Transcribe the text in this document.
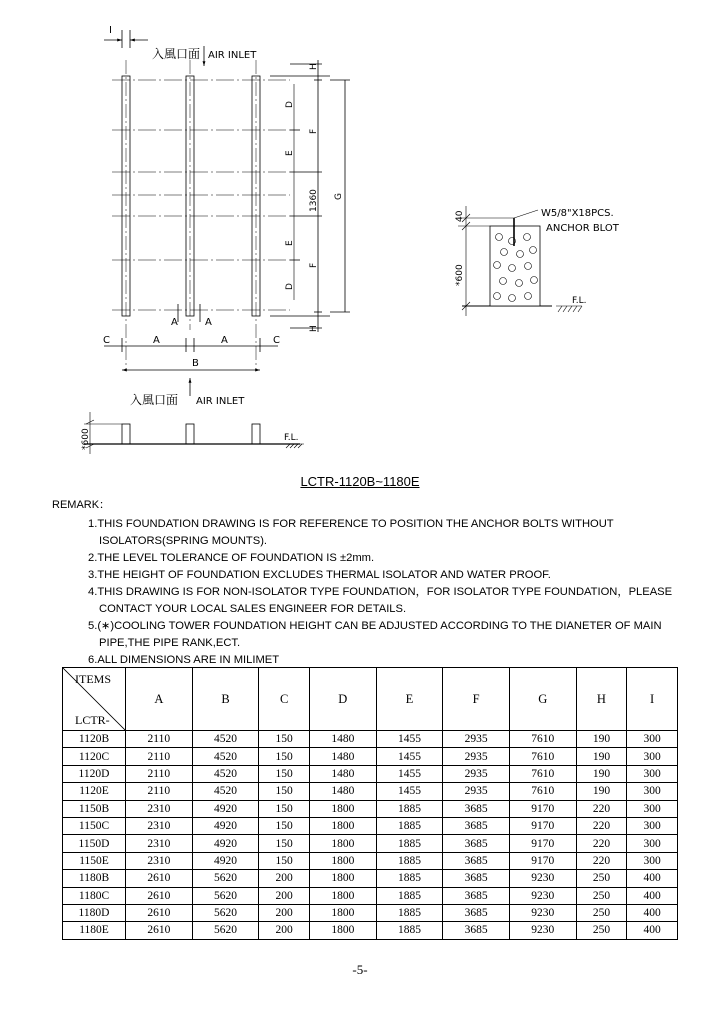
I
入風口面 AIR INLET
H
D
F
E
1360 G
E
F
D
H
A	A
C	A	A	C
B
入風口面 AIR INLET
*600	F.L.
40
*600
W5/8"X18PCS.
ANCHOR BLOT
F.L.
LCTR-1120B~1180E
REMARK：
1.THIS FOUNDATION DRAWING IS FOR REFERENCE TO POSITION THE ANCHOR BOLTS WITHOUT ISOLATORS(SPRING MOUNTS).
2.THE LEVEL TOLERANCE OF FOUNDATION IS ±2mm.
3.THE HEIGHT OF FOUNDATION EXCLUDES THERMAL ISOLATOR AND WATER PROOF.
4.THIS DRAWING IS FOR NON-ISOLATOR TYPE FOUNDATION，FOR ISOLATOR TYPE FOUNDATION，PLEASE CONTACT YOUR LOCAL SALES ENGINEER FOR DETAILS.
5.(∗)COOLING TOWER FOUNDATION HEIGHT CAN BE ADJUSTED ACCORDING TO THE DIANETER OF MAIN PIPE,THE PIPE RANK,ECT.
6.ALL DIMENSIONS ARE IN MILIMET
ITEMS
LCTR-	A	B	C	D	E	F	G	H	I
1120B	2110	4520	150	1480	1455	2935	7610	190	300
1120C	2110	4520	150	1480	1455	2935	7610	190	300
1120D	2110	4520	150	1480	1455	2935	7610	190	300
1120E	2110	4520	150	1480	1455	2935	7610	190	300
1150B	2310	4920	150	1800	1885	3685	9170	220	300
1150C	2310	4920	150	1800	1885	3685	9170	220	300
1150D	2310	4920	150	1800	1885	3685	9170	220	300
1150E	2310	4920	150	1800	1885	3685	9170	220	300
1180B	2610	5620	200	1800	1885	3685	9230	250	400
1180C	2610	5620	200	1800	1885	3685	9230	250	400
1180D	2610	5620	200	1800	1885	3685	9230	250	400
1180E	2610	5620	200	1800	1885	3685	9230	250	400
-5-
